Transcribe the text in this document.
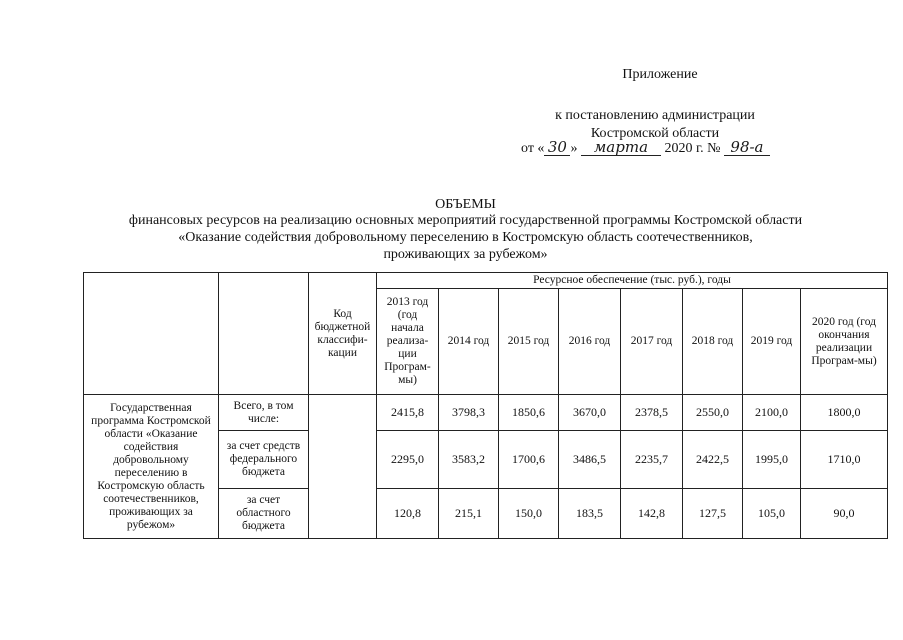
Приложение
к постановлению администрации
Костромской области
от « 30 » марта 2020 г. № 98-а
ОБЪЕМЫ
финансовых ресурсов на реализацию основных мероприятий государственной программы Костромской области
«Оказание содействия добровольному переселению в Костромскую область соотечественников,
проживающих за рубежом»
		Код бюджетной классифи-кации	Ресурсное обеспечение (тыс. руб.), годы							
			2013 год (год начала реализа-ции Програм-мы)	2014 год	2015 год	2016 год	2017 год	2018 год	2019 год	2020 год (год окончания реализации Програм-мы)
Государственная программа Костромской области «Оказание содействия добровольному переселению в Костромскую область соотечественников, проживающих за рубежом»	Всего, в том числе:		2415,8	3798,3	1850,6	3670,0	2378,5	2550,0	2100,0	1800,0
	за счет средств федерального бюджета		2295,0	3583,2	1700,6	3486,5	2235,7	2422,5	1995,0	1710,0
	за счет областного бюджета		120,8	215,1	150,0	183,5	142,8	127,5	105,0	90,0
